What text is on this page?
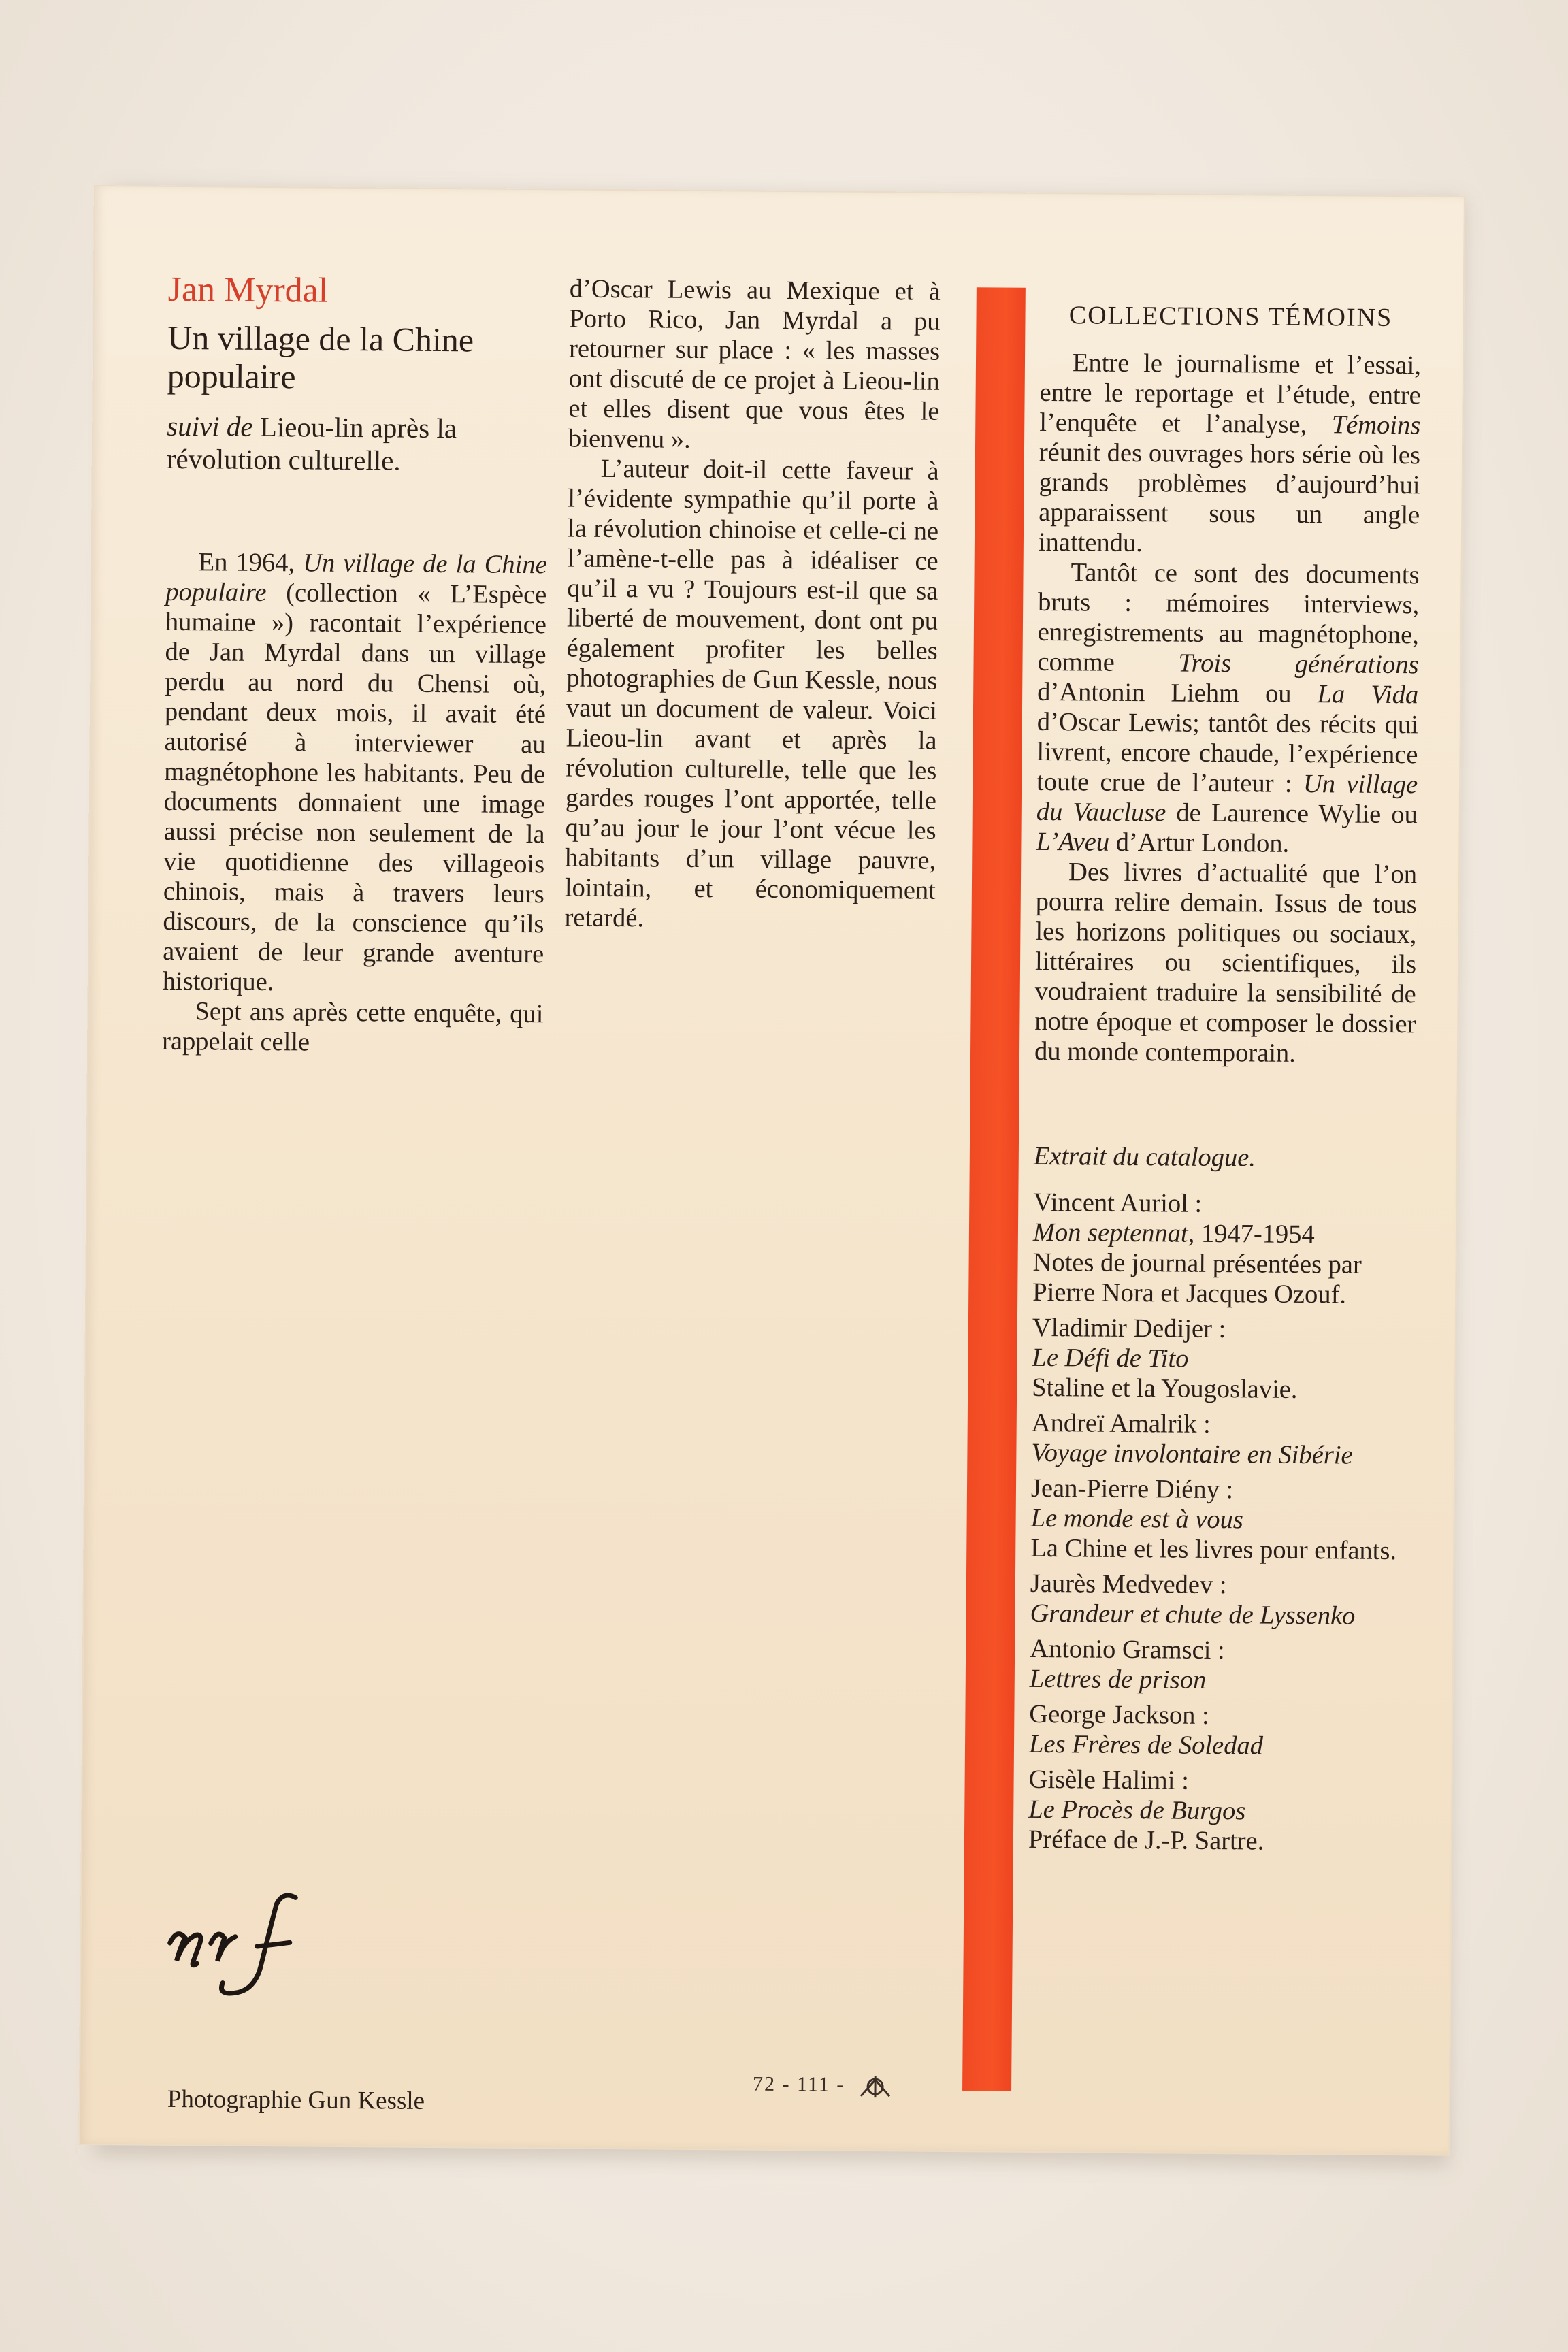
Jan Myrdal
Un village de la Chine populaire

suivi de Lieou-lin après la révolution culturelle.

En 1964, Un village de la Chine populaire (collection « L’Espèce humaine ») racontait l’expérience de Jan Myrdal dans un village perdu au nord du Chensi où, pendant deux mois, il avait été autorisé à interviewer au magnétophone les habitants. Peu de documents donnaient une image aussi précise non seulement de la vie quotidienne des villageois chinois, mais à travers leurs discours, de la conscience qu’ils avaient de leur grande aventure historique.

Sept ans après cette enquête, qui rappelait celle

d’Oscar Lewis au Mexique et à Porto Rico, Jan Myrdal a pu retourner sur place : « les masses ont discuté de ce projet à Lieou-lin et elles disent que vous êtes le bienvenu ».

L’auteur doit-il cette faveur à l’évidente sympathie qu’il porte à la révolution chinoise et celle-ci ne l’amène-t-elle pas à idéaliser ce qu’il a vu ? Toujours est-il que sa liberté de mouvement, dont ont pu également profiter les belles photographies de Gun Kessle, nous vaut un document de valeur. Voici Lieou-lin avant et après la révolution culturelle, telle que les gardes rouges l’ont apportée, telle qu’au jour le jour l’ont vécue les habitants d’un village pauvre, lointain, et économiquement retardé.

COLLECTIONS TÉMOINS

Entre le journalisme et l’essai, entre le reportage et l’étude, entre l’enquête et l’analyse, Témoins réunit des ouvrages hors série où les grands problèmes d’aujourd’hui apparaissent sous un angle inattendu.

Tantôt ce sont des documents bruts : mémoires interviews, enregistrements au magnétophone, comme Trois générations d’Antonin Liehm ou La Vida d’Oscar Lewis; tantôt des récits qui livrent, encore chaude, l’expérience toute crue de l’auteur : Un village du Vaucluse de Laurence Wylie ou L’Aveu d’Artur London.

Des livres d’actualité que l’on pourra relire demain. Issus de tous les horizons politiques ou sociaux, littéraires ou scientifiques, ils voudraient traduire la sensibilité de notre époque et composer le dossier du monde contemporain.

Extrait du catalogue.
Vincent Auriol :
Mon septennat, 1947-1954
Notes de journal présentées par Pierre Nora et Jacques Ozouf.
Vladimir Dedijer :
Le Défi de Tito
Staline et la Yougoslavie.
Andreï Amalrik :
Voyage involontaire en Sibérie
Jean-Pierre Diény :
Le monde est à vous
La Chine et les livres pour enfants.
Jaurès Medvedev :
Grandeur et chute de Lyssenko
Antonio Gramsci :
Lettres de prison
George Jackson :
Les Frères de Soledad
Gisèle Halimi :
Le Procès de Burgos
Préface de J.-P. Sartre.
Photographie Gun Kessle
72 - 111 -
